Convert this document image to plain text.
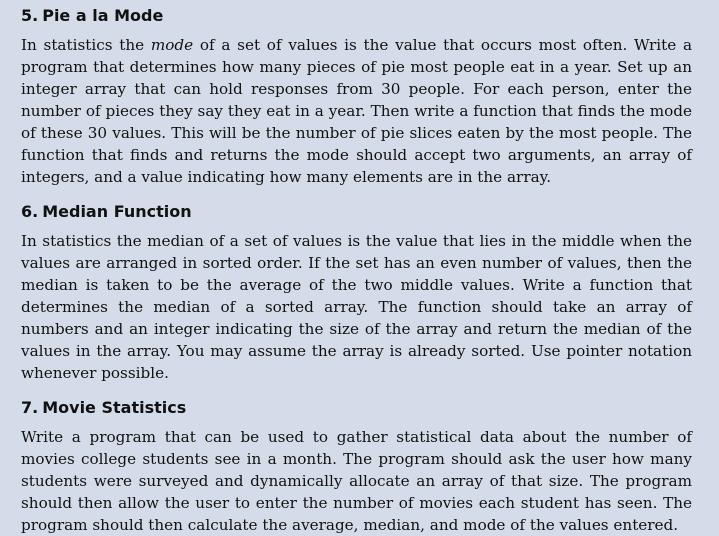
5. Pie a la Mode

In statistics the mode of a set of values is the value that occurs most often. Write a program that determines how many pieces of pie most people eat in a year. Set up an integer array that can hold responses from 30 people. For each person, enter the number of pieces they say they eat in a year. Then write a function that finds the mode of these 30 values. This will be the number of pie slices eaten by the most people. The function that finds and returns the mode should accept two arguments, an array of integers, and a value indicating how many elements are in the array.

6. Median Function

In statistics the median of a set of values is the value that lies in the middle when the values are arranged in sorted order. If the set has an even number of values, then the median is taken to be the average of the two middle values. Write a function that determines the median of a sorted array. The function should take an array of numbers and an integer indicating the size of the array and return the median of the values in the array. You may assume the array is already sorted. Use pointer notation whenever possible.

7. Movie Statistics

Write a program that can be used to gather statistical data about the number of movies college students see in a month. The program should ask the user how many students were surveyed and dynamically allocate an array of that size. The program should then allow the user to enter the number of movies each student has seen. The program should then calculate the average, median, and mode of the values entered.
